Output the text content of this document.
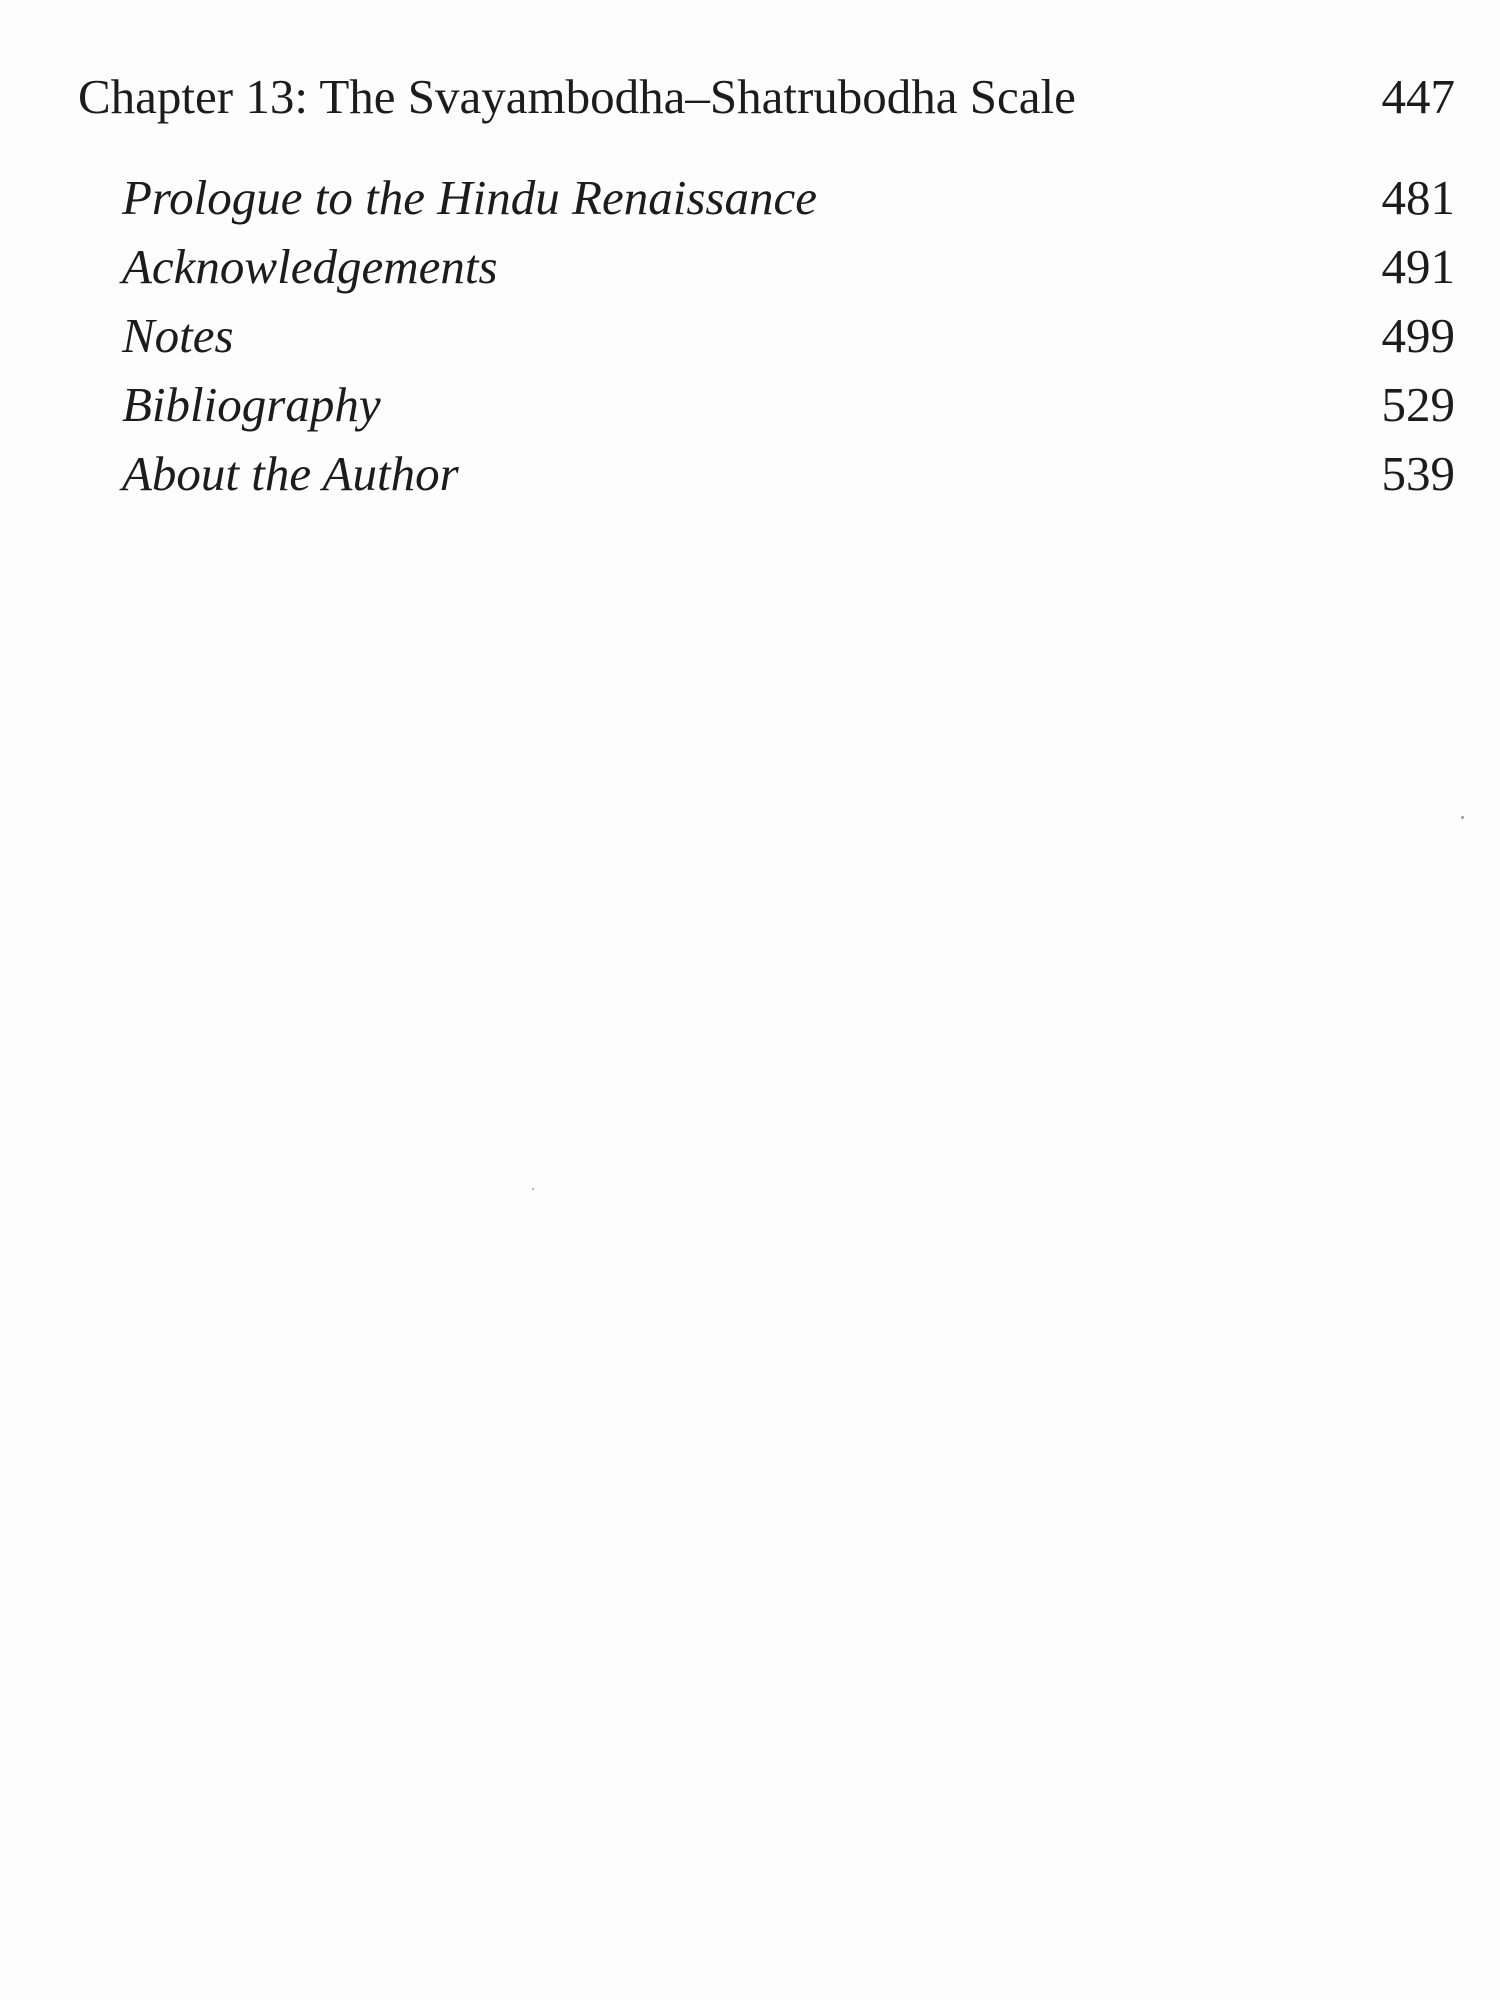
Chapter 13: The Svayambodha–Shatrubodha Scale	447
Prologue to the Hindu Renaissance	481
Acknowledgements	491
Notes	499
Bibliography	529
About the Author	539
